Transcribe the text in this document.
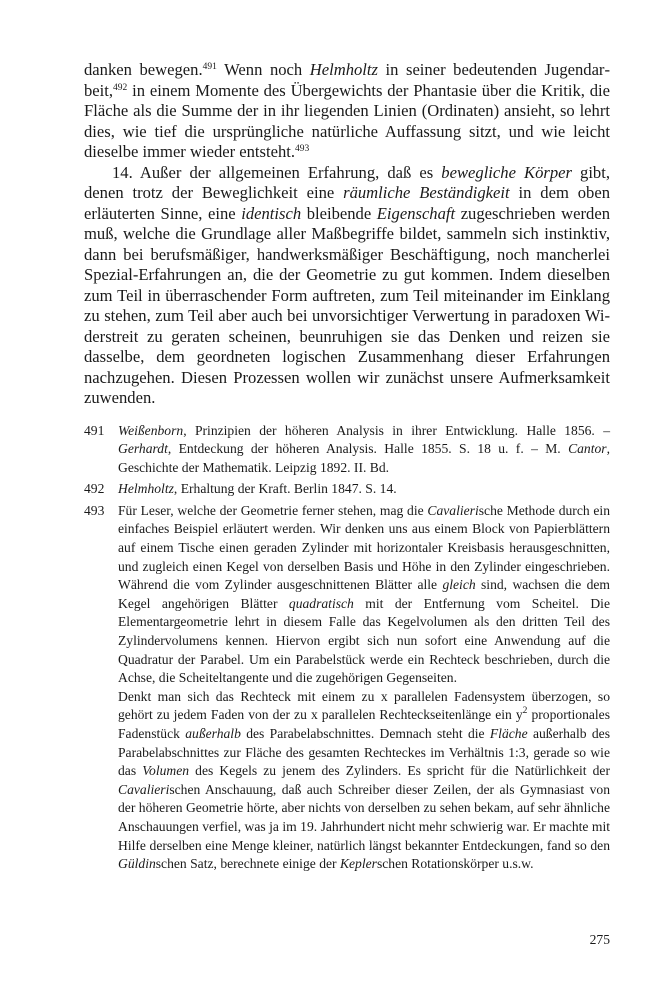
danken bewegen.$^{491}$ Wenn noch Helmholtz in seiner bedeutenden Jugendarbeit,$^{492}$ in einem Momente des Übergewichts der Phantasie über die Kritik, die Fläche als die Summe der in ihr liegenden Linien (Ordinaten) ansieht, so lehrt dies, wie tief die ursprüngliche natürliche Auffassung sitzt, und wie leicht dieselbe immer wieder entsteht.$^{493}$

14. Außer der allgemeinen Erfahrung, daß es bewegliche Körper gibt, denen trotz der Beweglichkeit eine räumliche Beständigkeit in dem oben erläuterten Sinne, eine identisch bleibende Eigenschaft zugeschrieben werden muß, welche die Grundlage aller Maßbegriffe bildet, sammeln sich instinktiv, dann bei berufsmäßiger, handwerksmäßiger Beschäftigung, noch mancherlei Spezial-Erfahrungen an, die der Geometrie zu gut kommen. Indem dieselben zum Teil in überraschender Form auftreten, zum Teil miteinander im Einklang zu stehen, zum Teil aber auch bei unvorsichtiger Verwertung in paradoxen Widerstreit zu geraten scheinen, beunruhigen sie das Denken und reizen sie dasselbe, dem geordneten logischen Zusammenhang dieser Erfahrungen nachzugehen. Diesen Prozessen wollen wir zunächst unsere Aufmerksamkeit zuwenden.

491 Weißenborn, Prinzipien der höheren Analysis in ihrer Entwicklung. Halle 1856. – Gerhardt, Entdeckung der höheren Analysis. Halle 1855. S. 18 u. f. – M. Cantor, Geschichte der Mathematik. Leipzig 1892. II. Bd.

492 Helmholtz, Erhaltung der Kraft. Berlin 1847. S. 14.

493 Für Leser, welche der Geometrie ferner stehen, mag die Cavalierische Methode durch ein einfaches Beispiel erläutert werden. Wir denken uns aus einem Block von Papierblättern auf einem Tische einen geraden Zylinder mit horizontaler Kreisbasis herausgeschnitten, und zugleich einen Kegel von derselben Basis und Höhe in den Zylinder eingeschrieben. Während die vom Zylinder ausgeschnittenen Blätter alle gleich sind, wachsen die dem Kegel angehörigen Blätter quadratisch mit der Entfernung vom Scheitel. Die Elementargeometrie lehrt in diesem Falle das Kegelvolumen als den dritten Teil des Zylindervolumens kennen. Hiervon ergibt sich nun sofort eine Anwendung auf die Quadratur der Parabel. Um ein Parabelstück werde ein Rechteck beschrieben, durch die Achse, die Scheiteltangente und die zugehörigen Gegenseiten.

Denkt man sich das Rechteck mit einem zu x parallelen Fadensystem überzogen, so gehört zu jedem Faden von der zu x parallelen Rechteckseitenlänge ein $y^2$ proportionales Fadenstück außerhalb des Parabelabschnittes. Demnach steht die Fläche außerhalb des Parabelabschnittes zur Fläche des gesamten Rechteckes im Verhältnis 1:3, gerade so wie das Volumen des Kegels zu jenem des Zylinders. Es spricht für die Natürlichkeit der Cavalierischen Anschauung, daß auch Schreiber dieser Zeilen, der als Gymnasiast von der höheren Geometrie hörte, aber nichts von derselben zu sehen bekam, auf sehr ähnliche Anschauungen verfiel, was ja im 19. Jahrhundert nicht mehr schwierig war. Er machte mit Hilfe derselben eine Menge kleiner, natürlich längst bekannter Entdeckungen, fand so den Güldinschen Satz, berechnete einige der Keplerschen Rotationskörper u.s.w.

275
